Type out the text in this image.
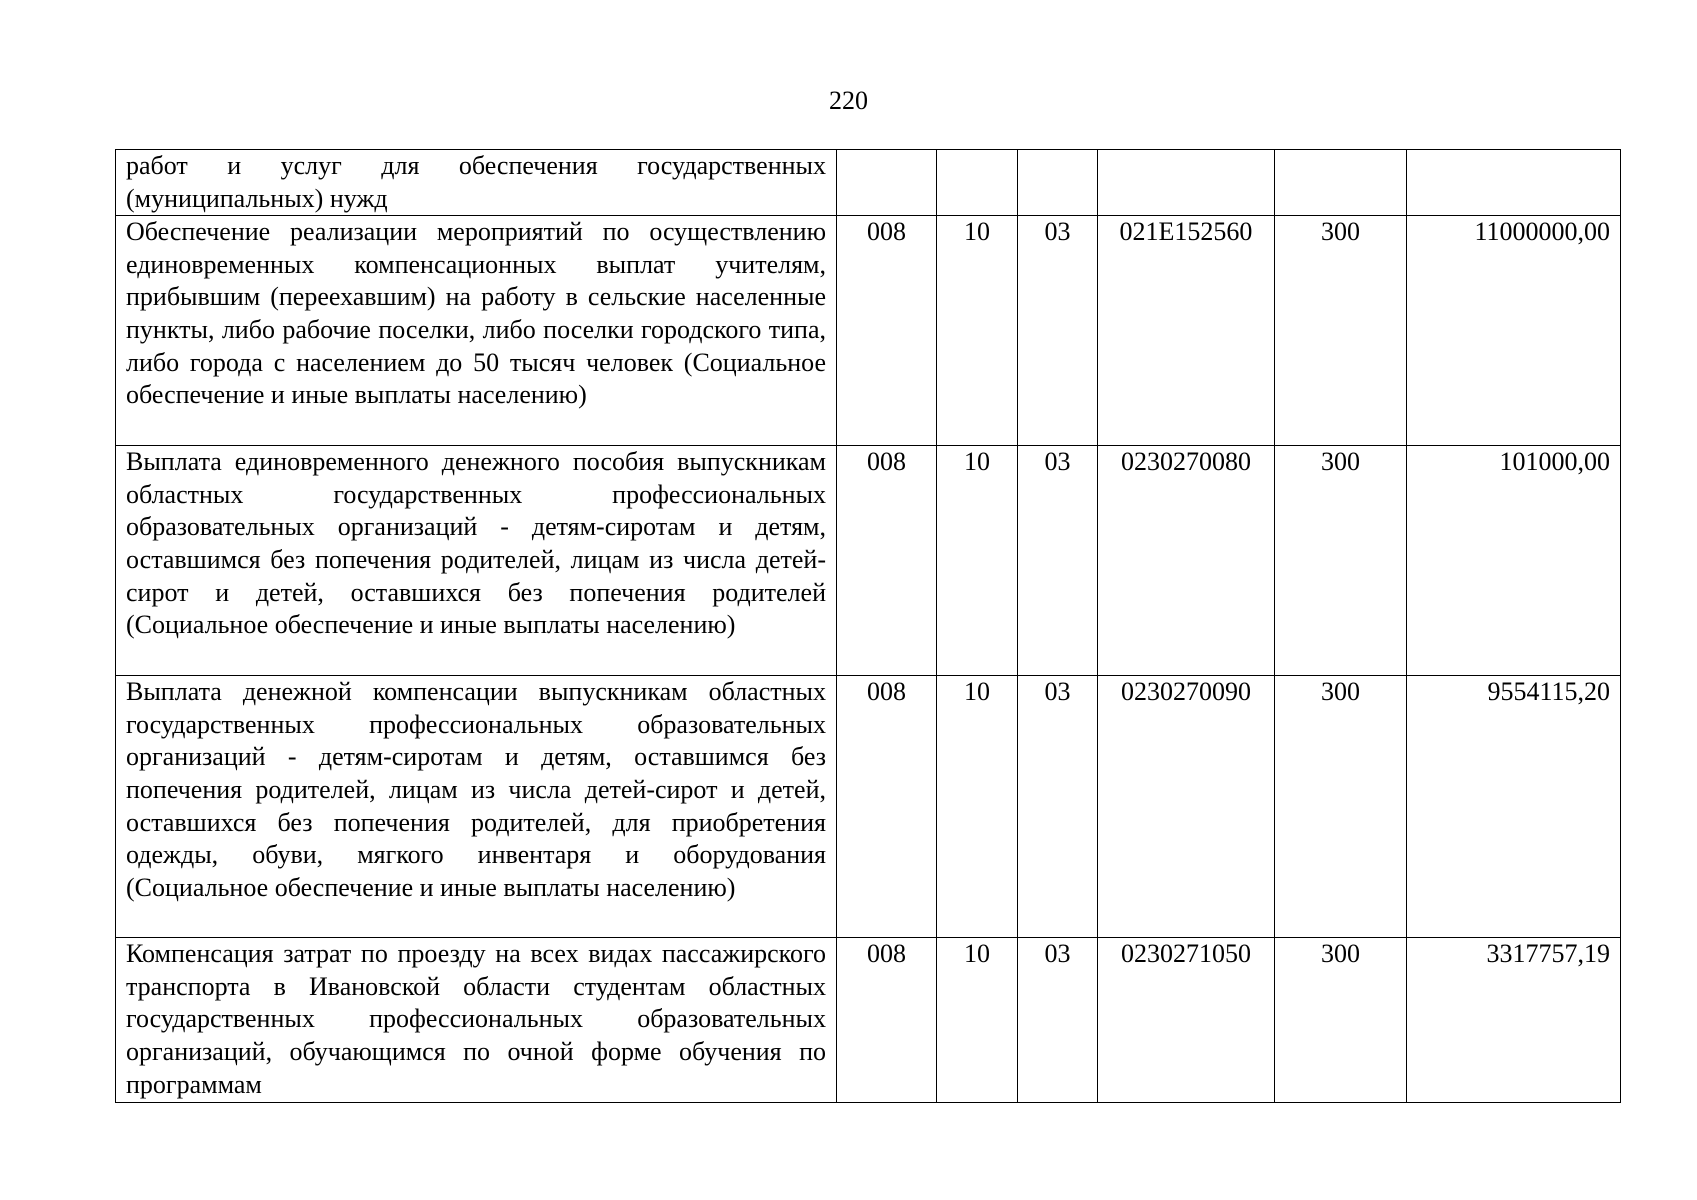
220
работ и услуг для обеспечения государственных (муниципальных) нужд						
Обеспечение реализации мероприятий по осуществлению единовременных компенсационных выплат учителям, прибывшим (переехавшим) на работу в сельские населенные пункты, либо рабочие поселки, либо поселки городского типа, либо города с населением до 50 тысяч человек (Социальное обеспечение и иные выплаты населению)	008	10	03	021Е152560	300	11000000,00
Выплата единовременного денежного пособия выпускникам областных государственных профессиональных образовательных организаций - детям-сиротам и детям, оставшимся без попечения родителей, лицам из числа детей-сирот и детей, оставшихся без попечения родителей (Социальное обеспечение и иные выплаты населению)	008	10	03	0230270080	300	101000,00
Выплата денежной компенсации выпускникам областных государственных профессиональных образовательных организаций - детям-сиротам и детям, оставшимся без попечения родителей, лицам из числа детей-сирот и детей, оставшихся без попечения родителей, для приобретения одежды, обуви, мягкого инвентаря и оборудования (Социальное обеспечение и иные выплаты населению)	008	10	03	0230270090	300	9554115,20
Компенсация затрат по проезду на всех видах пассажирского транспорта в Ивановской области студентам областных государственных профессиональных образовательных организаций, обучающимся по очной форме обучения по программам	008	10	03	0230271050	300	3317757,19
